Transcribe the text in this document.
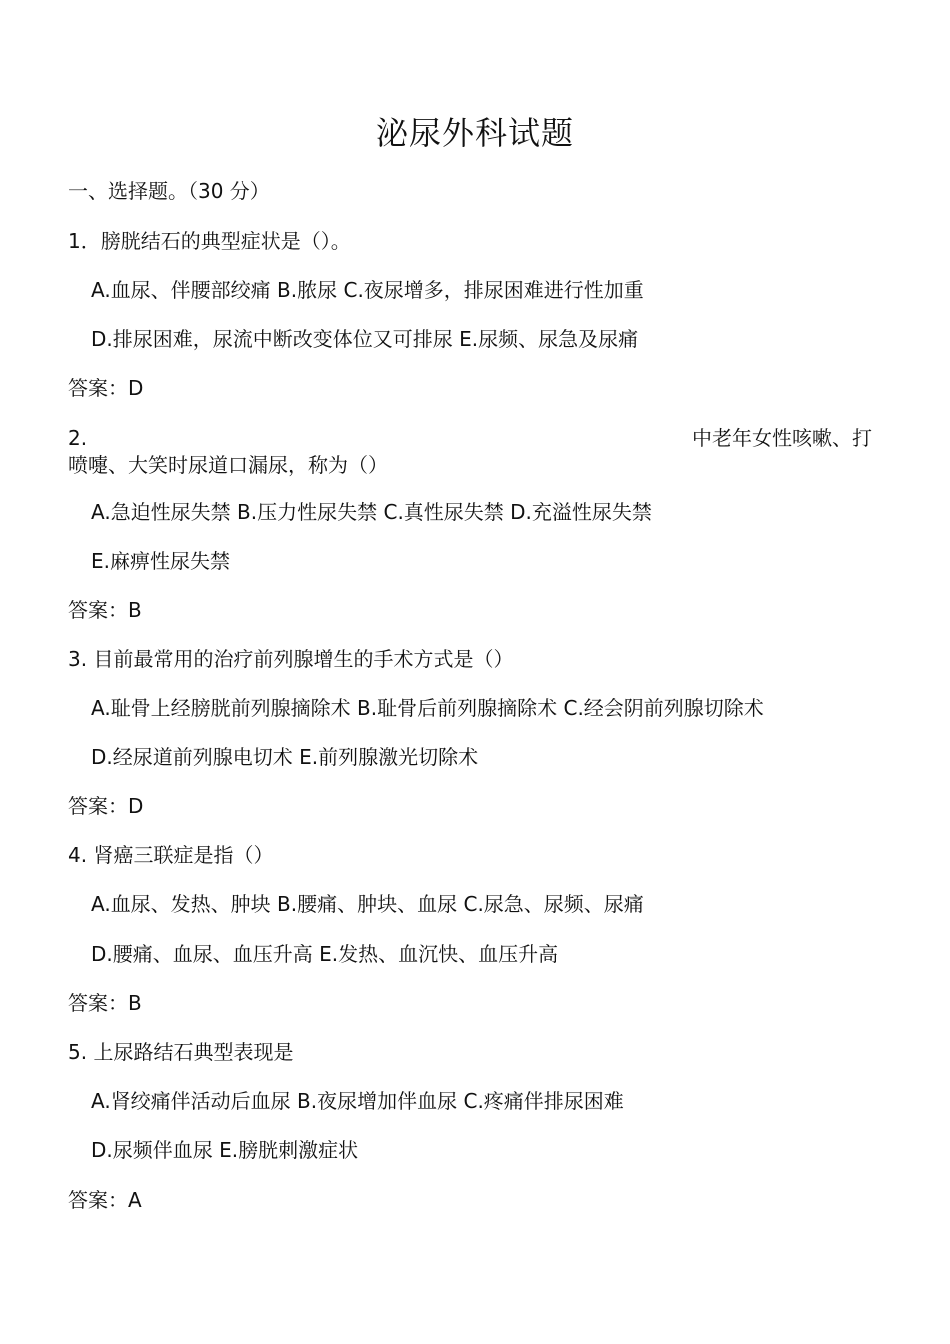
泌尿外科试题
一、选择题。（30 分）
1．膀胱结石的典型症状是（）。
A.血尿、伴腰部绞痛 B.脓尿 C.夜尿增多，排尿困难进行性加重
D.排尿困难，尿流中断改变体位又可排尿 E.尿频、尿急及尿痛
答案：D
2.	中老年女性咳嗽、打
喷嚏、大笑时尿道口漏尿，称为（）
A.急迫性尿失禁 B.压力性尿失禁 C.真性尿失禁 D.充溢性尿失禁
E.麻痹性尿失禁
答案：B
3. 目前最常用的治疗前列腺增生的手术方式是（）
A.耻骨上经膀胱前列腺摘除术 B.耻骨后前列腺摘除术 C.经会阴前列腺切除术
D.经尿道前列腺电切术 E.前列腺激光切除术
答案：D
4. 肾癌三联症是指（）
A.血尿、发热、肿块 B.腰痛、肿块、血尿 C.尿急、尿频、尿痛
D.腰痛、血尿、血压升高 E.发热、血沉快、血压升高
答案：B
5. 上尿路结石典型表现是
A.肾绞痛伴活动后血尿 B.夜尿增加伴血尿 C.疼痛伴排尿困难
D.尿频伴血尿 E.膀胱刺激症状
答案：A
